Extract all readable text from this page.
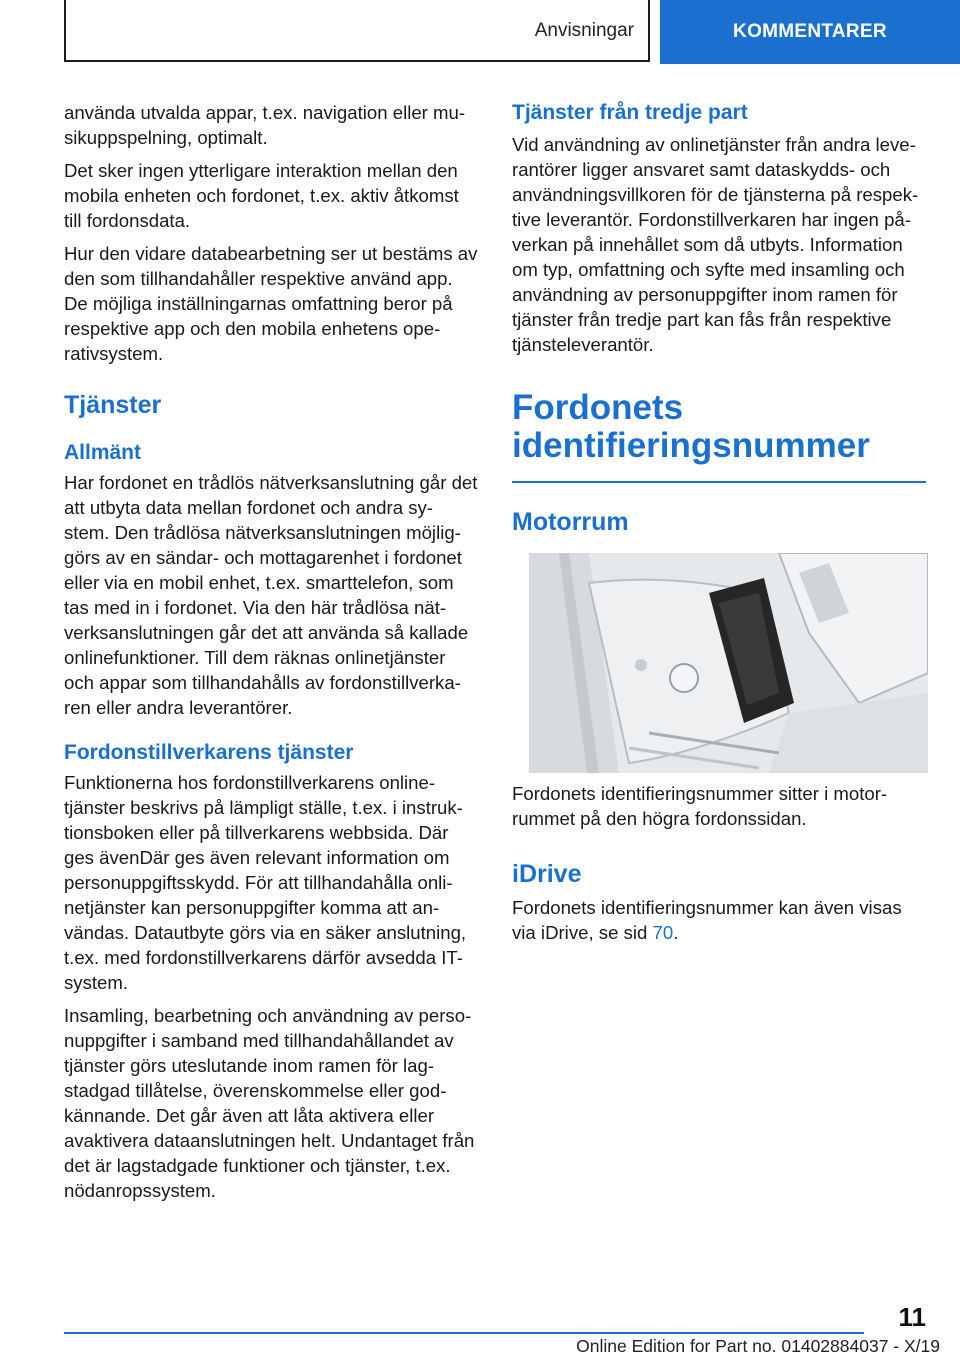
Anvisningar	KOMMENTARER

använda utvalda appar, t.ex. navigation eller mu‐sikuppspelning, optimalt.

Det sker ingen ytterligare interaktion mellan den mobila enheten och fordonet, t.ex. aktiv åtkomst till fordonsdata.

Hur den vidare databearbetning ser ut bestäms av den som tillhandahåller respektive använd app. De möjliga inställningarnas omfattning beror på respektive app och den mobila enhetens ope‐rativsystem.

Tjänster
Allmänt

Har fordonet en trådlös nätverksanslutning går det att utbyta data mellan fordonet och andra sy‐stem. Den trådlösa nätverksanslutningen möjlig‐görs av en sändar- och mottagarenhet i fordonet eller via en mobil enhet, t.ex. smarttelefon, som tas med in i fordonet. Via den här trådlösa nät‐verksanslutningen går det att använda så kallade onlinefunktioner. Till dem räknas onlinetjänster och appar som tillhandahålls av fordonstillverka‐ren eller andra leverantörer.

Fordonstillverkarens tjänster

Funktionerna hos fordonstillverkarens online‐tjänster beskrivs på lämpligt ställe, t.ex. i instruk‐tionsboken eller på tillverkarens webbsida. Där ges ävenDär ges även relevant information om personuppgiftsskydd. För att tillhandahålla onli‐netjänster kan personuppgifter komma att an‐vändas. Datautbyte görs via en säker anslutning, t.ex. med fordonstillverkarens därför avsedda IT-system.

Insamling, bearbetning och användning av perso‐nuppgifter i samband med tillhandahållandet av tjänster görs uteslutande inom ramen för lag‐stadgad tillåtelse, överenskommelse eller god‐kännande. Det går även att låta aktivera eller avaktivera dataanslutningen helt. Undantaget från det är lagstadgade funktioner och tjänster, t.ex. nödanropssystem.

Tjänster från tredje part

Vid användning av onlinetjänster från andra leve‐rantörer ligger ansvaret samt dataskydds- och användningsvillkoren för de tjänsterna på respek‐tive leverantör. Fordonstillverkaren har ingen på‐verkan på innehållet som då utbyts. Information om typ, omfattning och syfte med insamling och användning av personuppgifter inom ramen för tjänster från tredje part kan fås från respektive tjänsteleverantör.

Fordonets identifieringsnummer
Motorrum

Fordonets identifieringsnummer sitter i motor‐rummet på den högra fordonssidan.

iDrive

Fordonets identifieringsnummer kan även visas via iDrive, se sid 70.

11
Online Edition for Part no. 01402884037 - X/19
